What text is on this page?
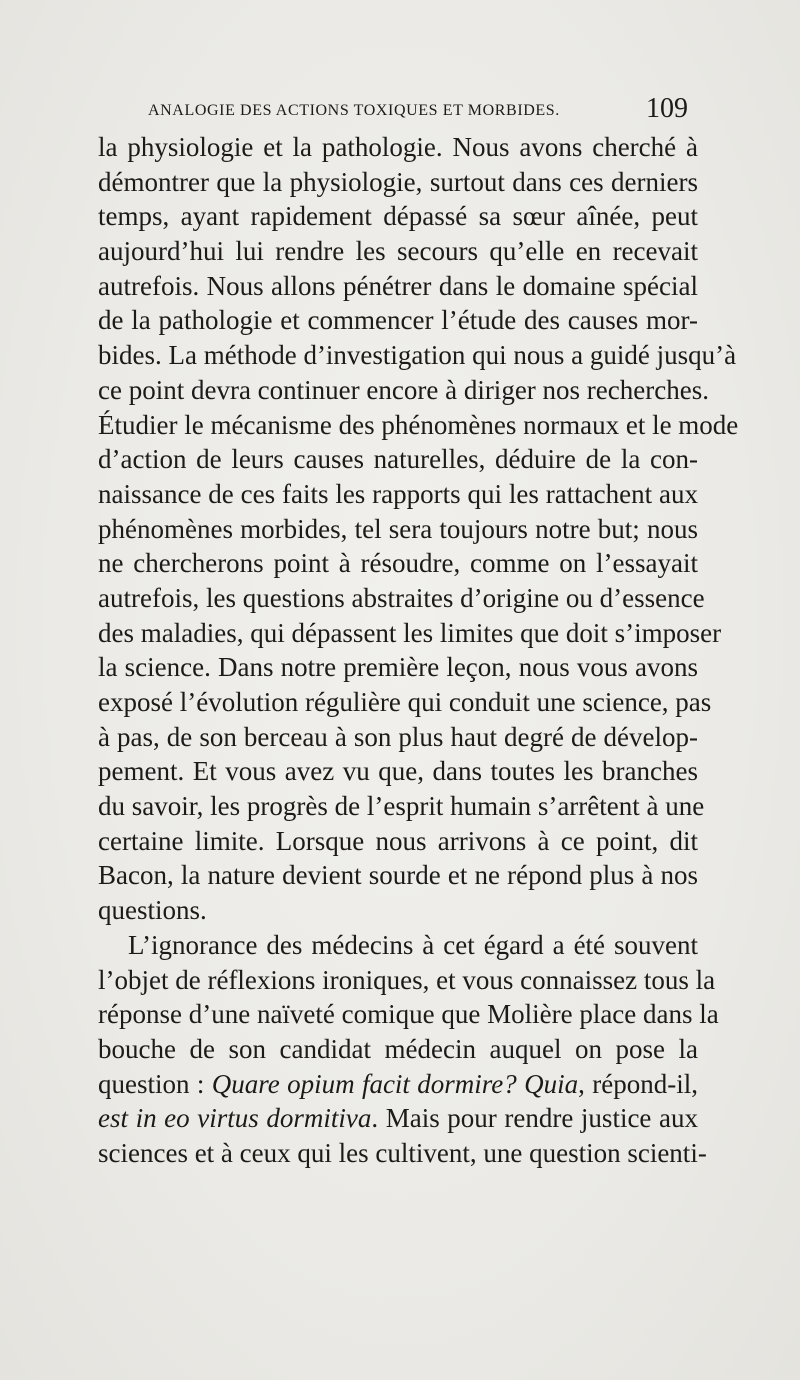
ANALOGIE DES ACTIONS TOXIQUES ET MORBIDES.	109
la physiologie et la pathologie. Nous avons cherché à
démontrer que la physiologie, surtout dans ces derniers
temps, ayant rapidement dépassé sa sœur aînée, peut
aujourd’hui lui rendre les secours qu’elle en recevait
autrefois. Nous allons pénétrer dans le domaine spécial
de la pathologie et commencer l’étude des causes mor-
bides. La méthode d’investigation qui nous a guidé jusqu’à
ce point devra continuer encore à diriger nos recherches.
Étudier le mécanisme des phénomènes normaux et le mode
d’action de leurs causes naturelles, déduire de la con-
naissance de ces faits les rapports qui les rattachent aux
phénomènes morbides, tel sera toujours notre but; nous
ne chercherons point à résoudre, comme on l’essayait
autrefois, les questions abstraites d’origine ou d’essence
des maladies, qui dépassent les limites que doit s’imposer
la science. Dans notre première leçon, nous vous avons
exposé l’évolution régulière qui conduit une science, pas
à pas, de son berceau à son plus haut degré de dévelop-
pement. Et vous avez vu que, dans toutes les branches
du savoir, les progrès de l’esprit humain s’arrêtent à une
certaine limite. Lorsque nous arrivons à ce point, dit
Bacon, la nature devient sourde et ne répond plus à nos
questions.
L’ignorance des médecins à cet égard a été souvent
l’objet de réflexions ironiques, et vous connaissez tous la
réponse d’une naïveté comique que Molière place dans la
bouche de son candidat médecin auquel on pose la
question : Quare opium facit dormire? Quia, répond-il,
est in eo virtus dormitiva. Mais pour rendre justice aux
sciences et à ceux qui les cultivent, une question scienti-
